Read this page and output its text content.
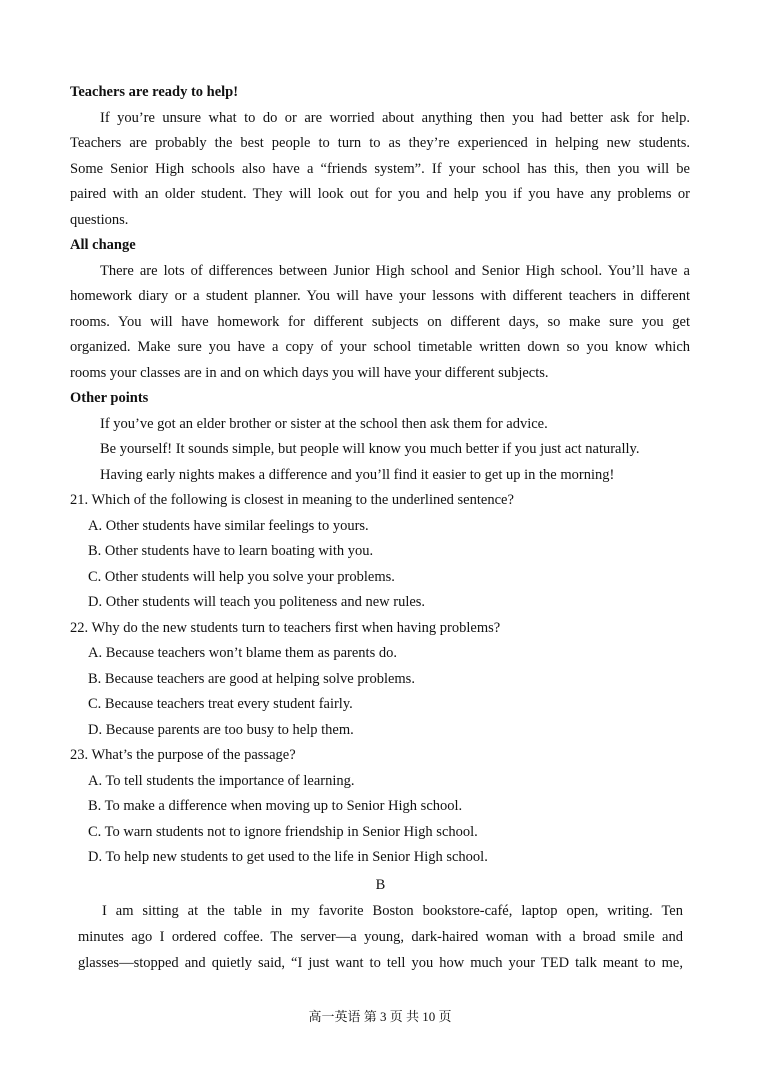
Teachers are ready to help!
If you’re unsure what to do or are worried about anything then you had better ask for help.
Teachers are probably the best people to turn to as they’re experienced in helping new students.
Some Senior High schools also have a “friends system”. If your school has this, then you will be
paired with an older student. They will look out for you and help you if you have any problems or
questions.
All change
There are lots of differences between Junior High school and Senior High school. You’ll have a
homework diary or a student planner. You will have your lessons with different teachers in different
rooms. You will have homework for different subjects on different days, so make sure you get
organized. Make sure you have a copy of your school timetable written down so you know which
rooms your classes are in and on which days you will have your different subjects.
Other points
If you’ve got an elder brother or sister at the school then ask them for advice.
Be yourself! It sounds simple, but people will know you much better if you just act naturally.
Having early nights makes a difference and you’ll find it easier to get up in the morning!
21. Which of the following is closest in meaning to the underlined sentence?
A. Other students have similar feelings to yours.
B. Other students have to learn boating with you.
C. Other students will help you solve your problems.
D. Other students will teach you politeness and new rules.
22. Why do the new students turn to teachers first when having problems?
A. Because teachers won’t blame them as parents do.
B. Because teachers are good at helping solve problems.
C. Because teachers treat every student fairly.
D. Because parents are too busy to help them.
23. What’s the purpose of the passage?
A. To tell students the importance of learning.
B. To make a difference when moving up to Senior High school.
C. To warn students not to ignore friendship in Senior High school.
D. To help new students to get used to the life in Senior High school.
B
I am sitting at the table in my favorite Boston bookstore-café, laptop open, writing. Ten
minutes ago I ordered coffee. The server—a young, dark-haired woman with a broad smile and
glasses—stopped and quietly said, “I just want to tell you how much your TED talk meant to me,
高一英语 第 3 页 共 10 页
